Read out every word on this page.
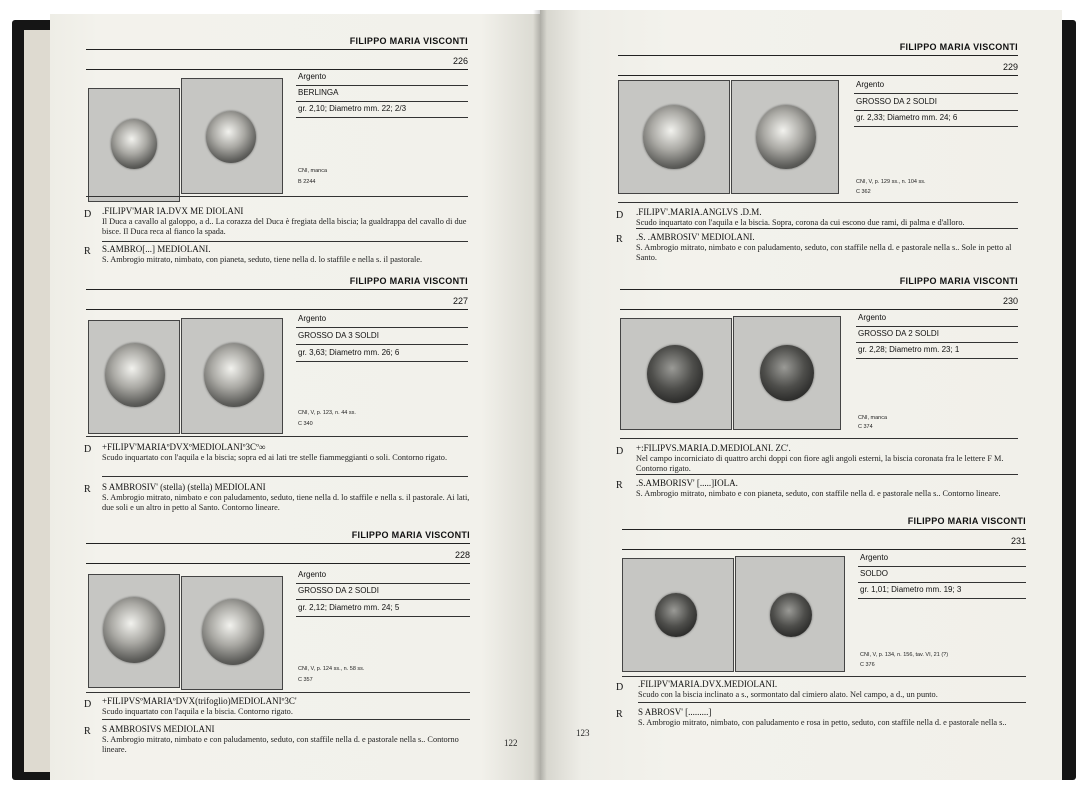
FILIPPO MARIA VISCONTI
226
Argento
BERLINGA
gr. 2,10; Diametro mm. 22; 2/3
CNI, manca
B 2244
D .FILIPV'MAR IA.DVX ME DIOLANI
Il Duca a cavallo al galoppo, a d.. La corazza del Duca è fregiata della biscia; la gualdrappa del cavallo di due bisce. Il Duca reca al fianco la spada.
R S.AMBRO[...] MEDIOLANI.
S. Ambrogio mitrato, nimbato, con pianeta, seduto, tiene nella d. lo staffile e nella s. il pastorale.
FILIPPO MARIA VISCONTI
227
Argento
GROSSO DA 3 SOLDI
gr. 3,63; Diametro mm. 26; 6
CNI, V, p. 123, n. 44 ss.
C 340
D +FILIPV'MARIAºDVXºMEDIOLANIº3Cº∞
Scudo inquartato con l'aquila e la biscia; sopra ed ai lati tre stelle fiammeggianti o soli. Contorno rigato.
R S AMBROSIV' (stella) (stella) MEDIOLANI
S. Ambrogio mitrato, nimbato e con paludamento, seduto, tiene nella d. lo staffile e nella s. il pastorale. Ai lati, due soli e un altro in petto al Santo. Contorno lineare.
FILIPPO MARIA VISCONTI
228
Argento
GROSSO DA 2 SOLDI
gr. 2,12; Diametro mm. 24; 5
CNI, V, p. 124 ss., n. 58 ss.
C 357
D +FILIPVSºMARIAºDVX(trifoglio)MEDIOLANIº3C'
Scudo inquartato con l'aquila e la biscia. Contorno rigato.
R S AMBROSIVS MEDIOLANI
S. Ambrogio mitrato, nimbato e con paludamento, seduto, con staffile nella d. e pastorale nella s.. Contorno lineare.
122
FILIPPO MARIA VISCONTI
229
Argento
GROSSO DA 2 SOLDI
gr. 2,33; Diametro mm. 24; 6
CNI, V, p. 129 ss., n. 104 ss.
C 362
D .FILIPV'.MARIA.ANGLVS .D.M.
Scudo inquartato con l'aquila e la biscia. Sopra, corona da cui escono due rami, di palma e d'alloro.
R .S. .AMBROSIV' MEDIOLANI.
S. Ambrogio mitrato, nimbato e con paludamento, seduto, con staffile nella d. e pastorale nella s.. Sole in petto al Santo.
FILIPPO MARIA VISCONTI
230
Argento
GROSSO DA 2 SOLDI
gr. 2,28; Diametro mm. 23; 1
CNI, manca
C 374
D +:FILIPVS.MARIA.D.MEDIOLANI. ZC'.
Nel campo incorniciato di quattro archi doppi con fiore agli angoli esterni, la biscia coronata fra le lettere F M. Contorno rigato.
R .S.AMBORISV' [.....]IOLA.
S. Ambrogio mitrato, nimbato e con pianeta, seduto, con staffile nella d. e pastorale nella s.. Contorno lineare.
FILIPPO MARIA VISCONTI
231
Argento
SOLDO
gr. 1,01; Diametro mm. 19; 3
CNI, V, p. 134, n. 156, tav. VI, 21 (?)
C 376
D .FILIPV'MARIA.DVX.MEDIOLANI.
Scudo con la biscia inclinato a s., sormontato dal cimiero alato. Nel campo, a d., un punto.
R S ABROSV' [.........]
S. Ambrogio mitrato, nimbato, con paludamento e rosa in petto, seduto, con staffile nella d. e pastorale nella s..
123
